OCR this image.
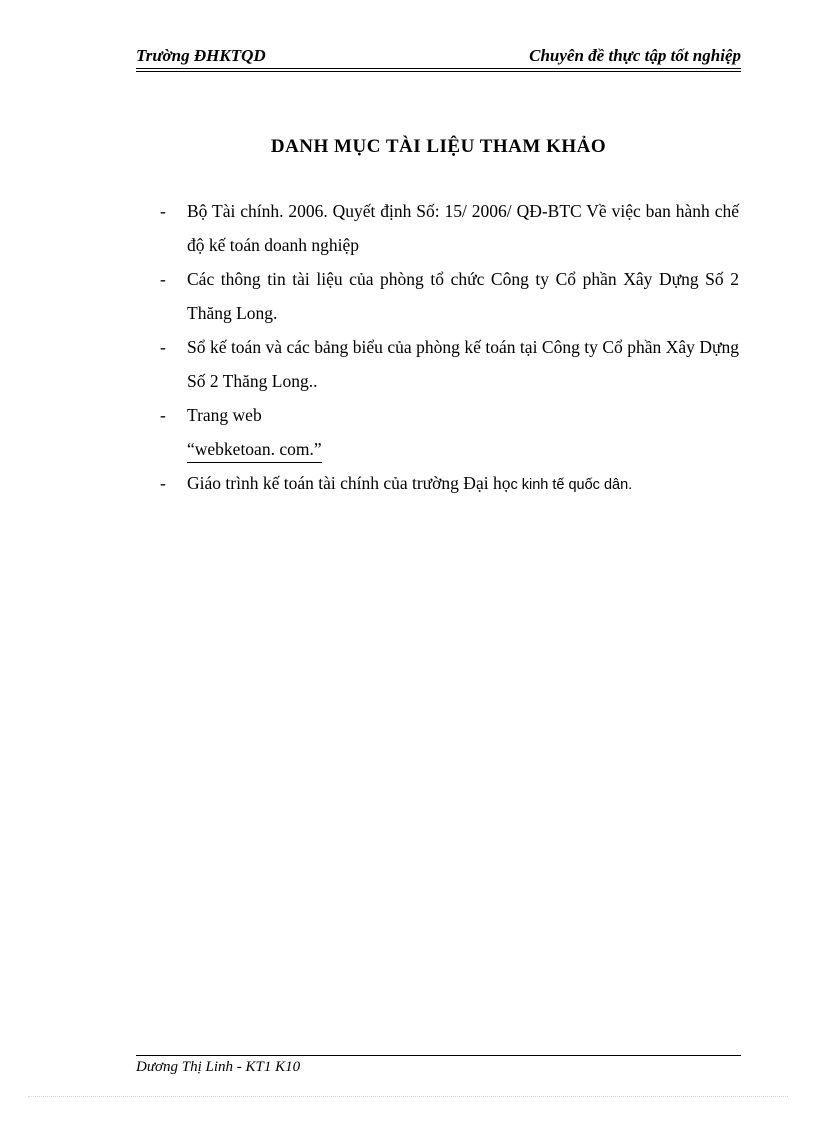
Trường ĐHKTQD	Chuyên đề thực tập tốt nghiệp
DANH MỤC TÀI LIỆU THAM KHẢO
- Bộ Tài chính. 2006. Quyết định Số: 15/ 2006/ QĐ-BTC Về việc ban hành chế độ kế toán doanh nghiệp
- Các thông tin tài liệu của phòng tổ chức Công ty Cổ phần Xây Dựng Số 2 Thăng Long.
- Sổ kế toán và các bảng biểu của phòng kế toán tại Công ty Cổ phần Xây Dựng Số 2 Thăng Long..
- Trang web
“webketoan. com.”
- Giáo trình kế toán tài chính của trường Đại học kinh tế quốc dân.
Dương Thị Linh - KT1 K10
